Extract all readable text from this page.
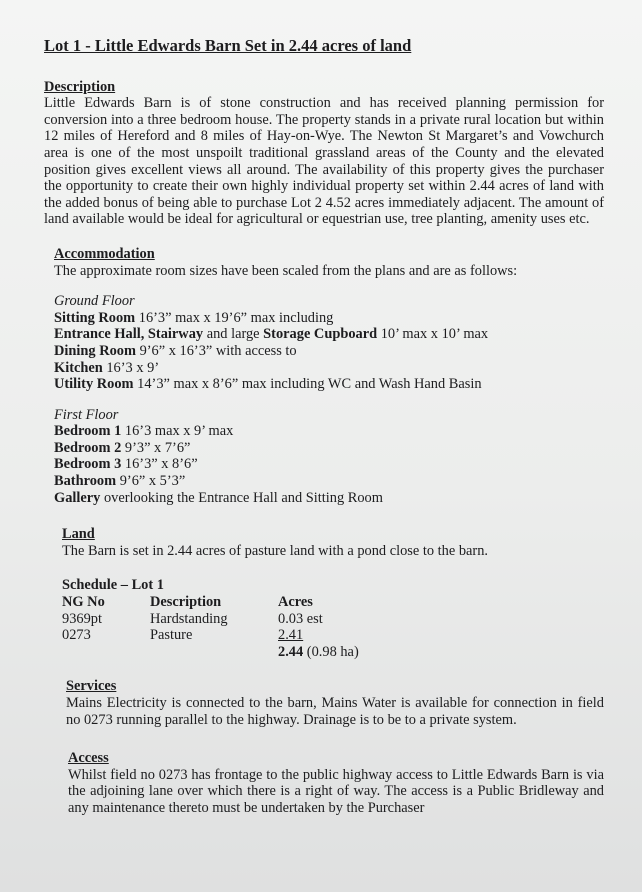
Lot 1 - Little Edwards Barn Set in 2.44 acres of land
Description

Little Edwards Barn is of stone construction and has received planning permission for conversion into a three bedroom house. The property stands in a private rural location but within 12 miles of Hereford and 8 miles of Hay-on-Wye. The Newton St Margaret’s and Vowchurch area is one of the most unspoilt traditional grassland areas of the County and the elevated position gives excellent views all around. The availability of this property gives the purchaser the opportunity to create their own highly individual property set within 2.44 acres of land with the added bonus of being able to purchase Lot 2 4.52 acres immediately adjacent. The amount of land available would be ideal for agricultural or equestrian use, tree planting, amenity uses etc.

Accommodation

The approximate room sizes have been scaled from the plans and are as follows:

Ground Floor
Sitting Room 16’3” max x 19’6” max including
Entrance Hall, Stairway and large Storage Cupboard 10’ max x 10’ max
Dining Room 9’6” x 16’3” with access to
Kitchen 16’3 x 9’
Utility Room 14’3” max x 8’6” max including WC and Wash Hand Basin
First Floor
Bedroom 1 16’3 max x 9’ max
Bedroom 2 9’3” x 7’6”
Bedroom 3 16’3” x 8’6”
Bathroom 9’6” x 5’3”
Gallery overlooking the Entrance Hall and Sitting Room
Land

The Barn is set in 2.44 acres of pasture land with a pond close to the barn.

Schedule – Lot 1
NG No	Description	Acres
9369pt	Hardstanding	0.03 est
0273	Pasture	2.41
		2.44 (0.98 ha)
Services

Mains Electricity is connected to the barn, Mains Water is available for connection in field no 0273 running parallel to the highway. Drainage is to be to a private system.

Access

Whilst field no 0273 has frontage to the public highway access to Little Edwards Barn is via the adjoining lane over which there is a right of way. The access is a Public Bridleway and any maintenance thereto must be undertaken by the Purchaser
